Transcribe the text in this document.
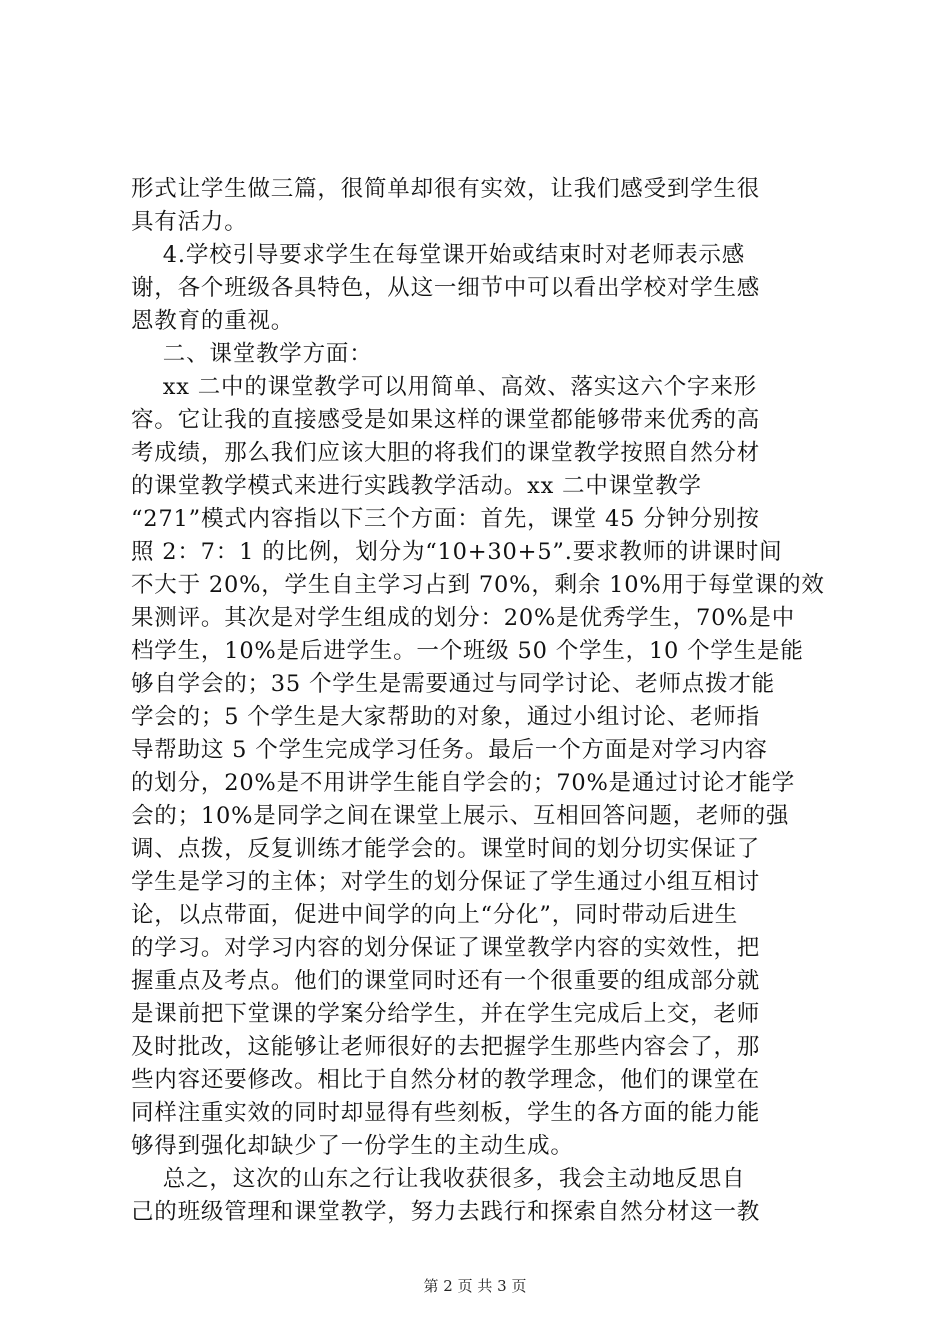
形式让学生做三篇，很简单却很有实效，让我们感受到学生很
具有活力。
4.学校引导要求学生在每堂课开始或结束时对老师表示感
谢，各个班级各具特色，从这一细节中可以看出学校对学生感
恩教育的重视。
二、课堂教学方面：
xx 二中的课堂教学可以用简单、高效、落实这六个字来形
容。它让我的直接感受是如果这样的课堂都能够带来优秀的高
考成绩，那么我们应该大胆的将我们的课堂教学按照自然分材
的课堂教学模式来进行实践教学活动。xx 二中课堂教学
“271”模式内容指以下三个方面：首先，课堂 45 分钟分别按
照 2：7：1 的比例，划分为“10+30+5”.要求教师的讲课时间
不大于 20%，学生自主学习占到 70%，剩余 10%用于每堂课的效
果测评。其次是对学生组成的划分：20%是优秀学生，70%是中
档学生，10%是后进学生。一个班级 50 个学生，10 个学生是能
够自学会的；35 个学生是需要通过与同学讨论、老师点拨才能
学会的；5 个学生是大家帮助的对象，通过小组讨论、老师指
导帮助这 5 个学生完成学习任务。最后一个方面是对学习内容
的划分，20%是不用讲学生能自学会的；70%是通过讨论才能学
会的；10%是同学之间在课堂上展示、互相回答问题，老师的强
调、点拨，反复训练才能学会的。课堂时间的划分切实保证了
学生是学习的主体；对学生的划分保证了学生通过小组互相讨
论，以点带面，促进中间学的向上“分化”，同时带动后进生
的学习。对学习内容的划分保证了课堂教学内容的实效性，把
握重点及考点。他们的课堂同时还有一个很重要的组成部分就
是课前把下堂课的学案分给学生，并在学生完成后上交，老师
及时批改，这能够让老师很好的去把握学生那些内容会了，那
些内容还要修改。相比于自然分材的教学理念，他们的课堂在
同样注重实效的同时却显得有些刻板，学生的各方面的能力能
够得到强化却缺少了一份学生的主动生成。
总之，这次的山东之行让我收获很多，我会主动地反思自
己的班级管理和课堂教学，努力去践行和探索自然分材这一教
第 2 页 共 3 页
